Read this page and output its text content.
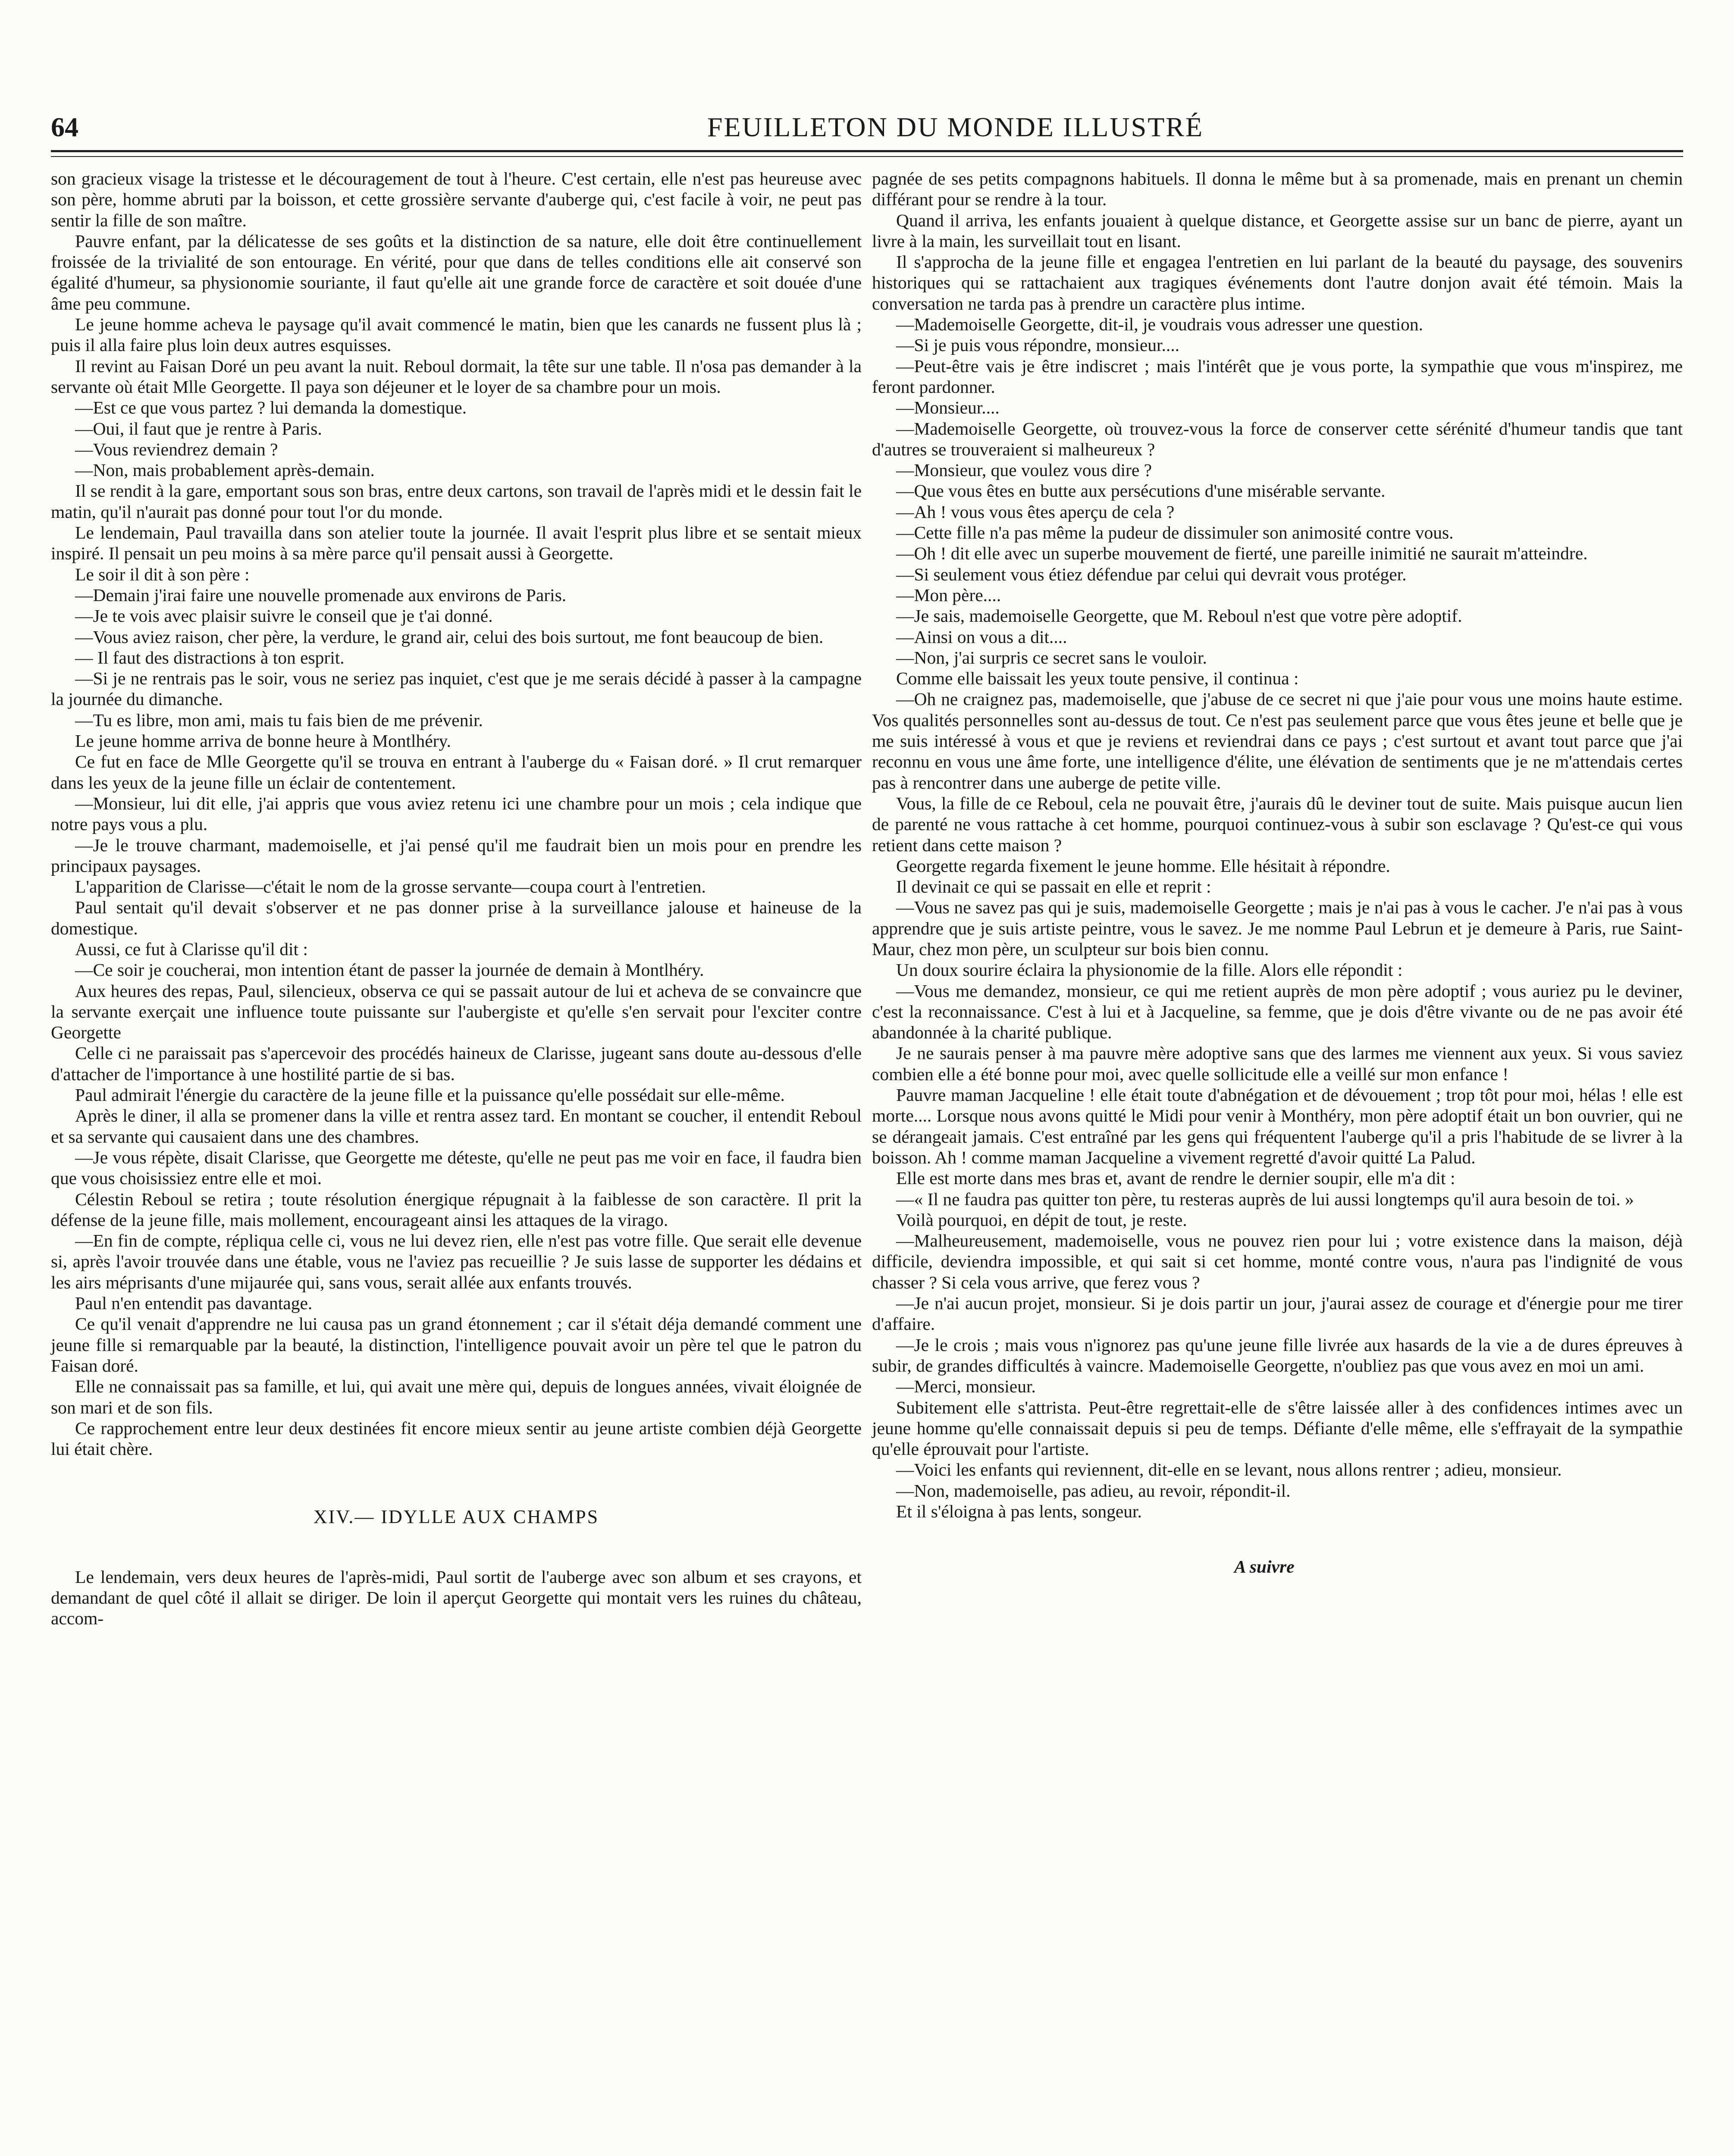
64	FEUILLETON DU MONDE ILLUSTRÉ

son gracieux visage la tristesse et le découragement de tout à l'heure. C'est certain, elle n'est pas heureuse avec son père, homme abruti par la boisson, et cette grossière servante d'auberge qui, c'est facile à voir, ne peut pas sentir la fille de son maître.

Pauvre enfant, par la délicatesse de ses goûts et la distinction de sa nature, elle doit être continuellement froissée de la trivialité de son entourage. En vérité, pour que dans de telles conditions elle ait conservé son égalité d'humeur, sa physionomie souriante, il faut qu'elle ait une grande force de caractère et soit douée d'une âme peu commune.

Le jeune homme acheva le paysage qu'il avait commencé le matin, bien que les canards ne fussent plus là ; puis il alla faire plus loin deux autres esquisses.

Il revint au Faisan Doré un peu avant la nuit. Reboul dormait, la tête sur une table. Il n'osa pas demander à la servante où était Mlle Georgette. Il paya son déjeuner et le loyer de sa chambre pour un mois.

—Est ce que vous partez ? lui demanda la domestique.

—Oui, il faut que je rentre à Paris.

—Vous reviendrez demain ?

—Non, mais probablement après-demain.

Il se rendit à la gare, emportant sous son bras, entre deux cartons, son travail de l'après midi et le dessin fait le matin, qu'il n'aurait pas donné pour tout l'or du monde.

Le lendemain, Paul travailla dans son atelier toute la journée. Il avait l'esprit plus libre et se sentait mieux inspiré. Il pensait un peu moins à sa mère parce qu'il pensait aussi à Georgette.

Le soir il dit à son père :

—Demain j'irai faire une nouvelle promenade aux environs de Paris.

—Je te vois avec plaisir suivre le conseil que je t'ai donné.

—Vous aviez raison, cher père, la verdure, le grand air, celui des bois surtout, me font beaucoup de bien.

— Il faut des distractions à ton esprit.

—Si je ne rentrais pas le soir, vous ne seriez pas inquiet, c'est que je me serais décidé à passer à la campagne la journée du dimanche.

—Tu es libre, mon ami, mais tu fais bien de me prévenir.

Le jeune homme arriva de bonne heure à Montlhéry.

Ce fut en face de Mlle Georgette qu'il se trouva en entrant à l'auberge du « Faisan doré. » Il crut remarquer dans les yeux de la jeune fille un éclair de contentement.

—Monsieur, lui dit elle, j'ai appris que vous aviez retenu ici une chambre pour un mois ; cela indique que notre pays vous a plu.

—Je le trouve charmant, mademoiselle, et j'ai pensé qu'il me faudrait bien un mois pour en prendre les principaux paysages.

L'apparition de Clarisse—c'était le nom de la grosse servante—coupa court à l'entretien.

Paul sentait qu'il devait s'observer et ne pas donner prise à la surveillance jalouse et haineuse de la domestique.

Aussi, ce fut à Clarisse qu'il dit :

—Ce soir je coucherai, mon intention étant de passer la journée de demain à Montlhéry.

Aux heures des repas, Paul, silencieux, observa ce qui se passait autour de lui et acheva de se convaincre que la servante exerçait une influence toute puissante sur l'aubergiste et qu'elle s'en servait pour l'exciter contre Georgette

Celle ci ne paraissait pas s'apercevoir des procédés haineux de Clarisse, jugeant sans doute au-dessous d'elle d'attacher de l'importance à une hostilité partie de si bas.

Paul admirait l'énergie du caractère de la jeune fille et la puissance qu'elle possédait sur elle-même.

Après le diner, il alla se promener dans la ville et rentra assez tard. En montant se coucher, il entendit Reboul et sa servante qui causaient dans une des chambres.

—Je vous répète, disait Clarisse, que Georgette me déteste, qu'elle ne peut pas me voir en face, il faudra bien que vous choisissiez entre elle et moi.

Célestin Reboul se retira ; toute résolution énergique répugnait à la faiblesse de son caractère. Il prit la défense de la jeune fille, mais mollement, encourageant ainsi les attaques de la virago.

—En fin de compte, répliqua celle ci, vous ne lui devez rien, elle n'est pas votre fille. Que serait elle devenue si, après l'avoir trouvée dans une étable, vous ne l'aviez pas recueillie ? Je suis lasse de supporter les dédains et les airs méprisants d'une mijaurée qui, sans vous, serait allée aux enfants trouvés.

Paul n'en entendit pas davantage.

Ce qu'il venait d'apprendre ne lui causa pas un grand étonnement ; car il s'était déja demandé comment une jeune fille si remarquable par la beauté, la distinction, l'intelligence pouvait avoir un père tel que le patron du Faisan doré.

Elle ne connaissait pas sa famille, et lui, qui avait une mère qui, depuis de longues années, vivait éloignée de son mari et de son fils.

Ce rapprochement entre leur deux destinées fit encore mieux sentir au jeune artiste combien déjà Georgette lui était chère.

XIV.— IDYLLE AUX CHAMPS

Le lendemain, vers deux heures de l'après-midi, Paul sortit de l'auberge avec son album et ses crayons, et demandant de quel côté il allait se diriger. De loin il aperçut Georgette qui montait vers les ruines du château, accom-

pagnée de ses petits compagnons habituels. Il donna le même but à sa promenade, mais en prenant un chemin différant pour se rendre à la tour.

Quand il arriva, les enfants jouaient à quelque distance, et Georgette assise sur un banc de pierre, ayant un livre à la main, les surveillait tout en lisant.

Il s'approcha de la jeune fille et engagea l'entretien en lui parlant de la beauté du paysage, des souvenirs historiques qui se rattachaient aux tragiques événements dont l'autre donjon avait été témoin. Mais la conversation ne tarda pas à prendre un caractère plus intime.

—Mademoiselle Georgette, dit-il, je voudrais vous adresser une question.

—Si je puis vous répondre, monsieur....

—Peut-être vais je être indiscret ; mais l'intérêt que je vous porte, la sympathie que vous m'inspirez, me feront pardonner.

—Monsieur....

—Mademoiselle Georgette, où trouvez-vous la force de conserver cette sérénité d'humeur tandis que tant d'autres se trouveraient si malheureux ?

—Monsieur, que voulez vous dire ?

—Que vous êtes en butte aux persécutions d'une misérable servante.

—Ah ! vous vous êtes aperçu de cela ?

—Cette fille n'a pas même la pudeur de dissimuler son animosité contre vous.

—Oh ! dit elle avec un superbe mouvement de fierté, une pareille inimitié ne saurait m'atteindre.

—Si seulement vous étiez défendue par celui qui devrait vous protéger.

—Mon père....

—Je sais, mademoiselle Georgette, que M. Reboul n'est que votre père adoptif.

—Ainsi on vous a dit....

—Non, j'ai surpris ce secret sans le vouloir.

Comme elle baissait les yeux toute pensive, il continua :

—Oh ne craignez pas, mademoiselle, que j'abuse de ce secret ni que j'aie pour vous une moins haute estime. Vos qualités personnelles sont au-dessus de tout. Ce n'est pas seulement parce que vous êtes jeune et belle que je me suis intéressé à vous et que je reviens et reviendrai dans ce pays ; c'est surtout et avant tout parce que j'ai reconnu en vous une âme forte, une intelligence d'élite, une élévation de sentiments que je ne m'attendais certes pas à rencontrer dans une auberge de petite ville.

Vous, la fille de ce Reboul, cela ne pouvait être, j'aurais dû le deviner tout de suite. Mais puisque aucun lien de parenté ne vous rattache à cet homme, pourquoi continuez-vous à subir son esclavage ? Qu'est-ce qui vous retient dans cette maison ?

Georgette regarda fixement le jeune homme. Elle hésitait à répondre.

Il devinait ce qui se passait en elle et reprit :

—Vous ne savez pas qui je suis, mademoiselle Georgette ; mais je n'ai pas à vous le cacher. J'e n'ai pas à vous apprendre que je suis artiste peintre, vous le savez. Je me nomme Paul Lebrun et je demeure à Paris, rue Saint-Maur, chez mon père, un sculpteur sur bois bien connu.

Un doux sourire éclaira la physionomie de la fille. Alors elle répondit :

—Vous me demandez, monsieur, ce qui me retient auprès de mon père adoptif ; vous auriez pu le deviner, c'est la reconnaissance. C'est à lui et à Jacqueline, sa femme, que je dois d'être vivante ou de ne pas avoir été abandonnée à la charité publique.

Je ne saurais penser à ma pauvre mère adoptive sans que des larmes me viennent aux yeux. Si vous saviez combien elle a été bonne pour moi, avec quelle sollicitude elle a veillé sur mon enfance !

Pauvre maman Jacqueline ! elle était toute d'abnégation et de dévouement ; trop tôt pour moi, hélas ! elle est morte.... Lorsque nous avons quitté le Midi pour venir à Monthéry, mon père adoptif était un bon ouvrier, qui ne se dérangeait jamais. C'est entraîné par les gens qui fréquentent l'auberge qu'il a pris l'habitude de se livrer à la boisson. Ah ! comme maman Jacqueline a vivement regretté d'avoir quitté La Palud.

Elle est morte dans mes bras et, avant de rendre le dernier soupir, elle m'a dit :

—« Il ne faudra pas quitter ton père, tu resteras auprès de lui aussi longtemps qu'il aura besoin de toi. »

Voilà pourquoi, en dépit de tout, je reste.

—Malheureusement, mademoiselle, vous ne pouvez rien pour lui ; votre existence dans la maison, déjà difficile, deviendra impossible, et qui sait si cet homme, monté contre vous, n'aura pas l'indignité de vous chasser ? Si cela vous arrive, que ferez vous ?

—Je n'ai aucun projet, monsieur. Si je dois partir un jour, j'aurai assez de courage et d'énergie pour me tirer d'affaire.

—Je le crois ; mais vous n'ignorez pas qu'une jeune fille livrée aux hasards de la vie a de dures épreuves à subir, de grandes difficultés à vaincre. Mademoiselle Georgette, n'oubliez pas que vous avez en moi un ami.

—Merci, monsieur.

Subitement elle s'attrista. Peut-être regrettait-elle de s'être laissée aller à des confidences intimes avec un jeune homme qu'elle connaissait depuis si peu de temps. Défiante d'elle même, elle s'effrayait de la sympathie qu'elle éprouvait pour l'artiste.

—Voici les enfants qui reviennent, dit-elle en se levant, nous allons rentrer ; adieu, monsieur.

—Non, mademoiselle, pas adieu, au revoir, répondit-il.

Et il s'éloigna à pas lents, songeur.

A suivre
